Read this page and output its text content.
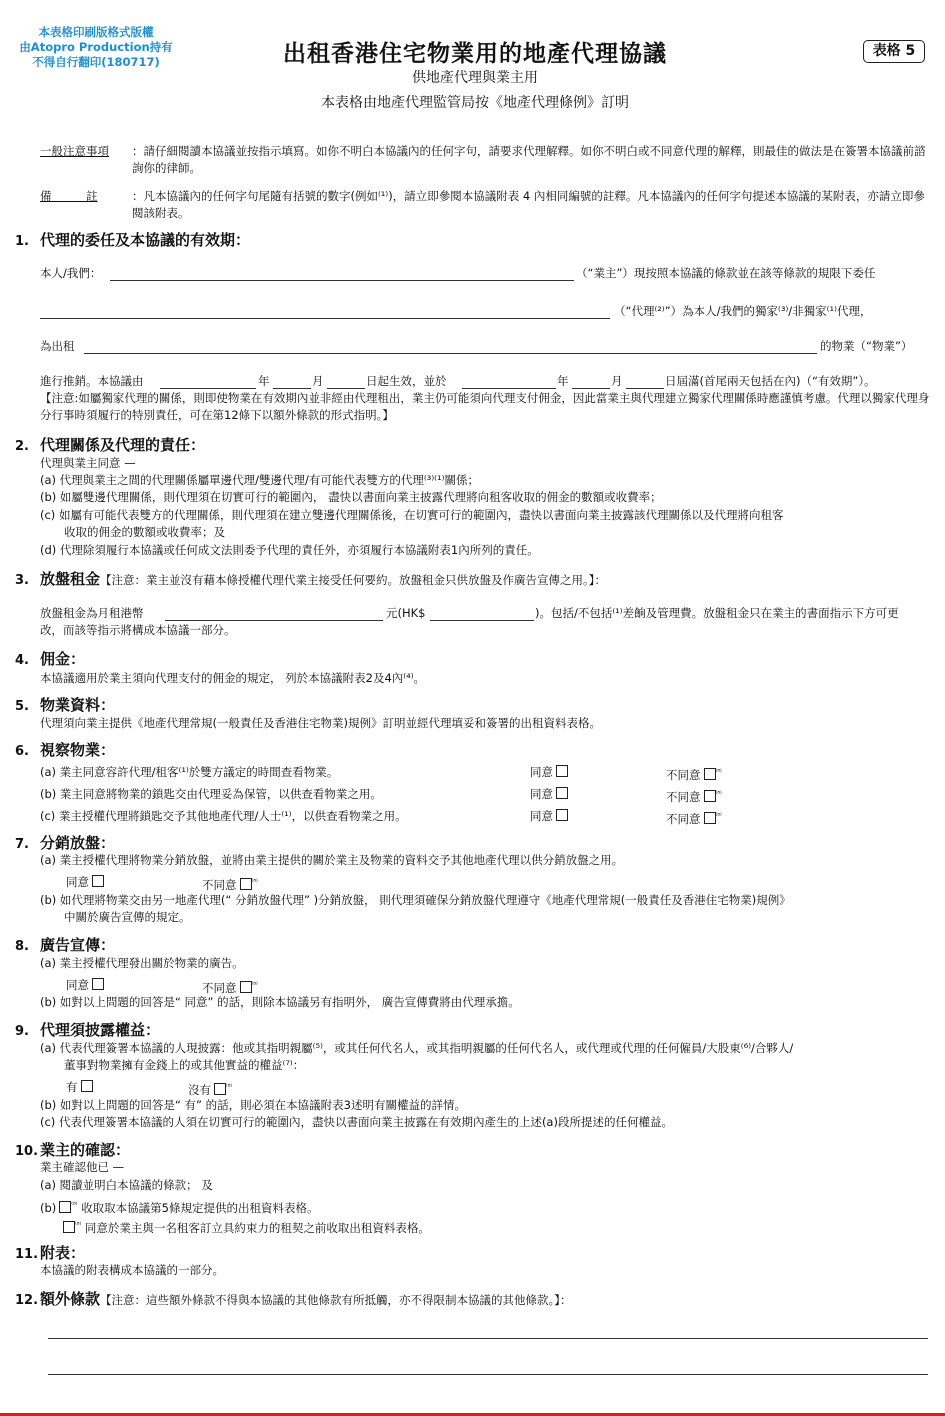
本表格印刷版格式版權
由Atopro Production持有
不得自行翻印(180717)	出租香港住宅物業用的地產代理協議
供地產代理與業主用
本表格由地產代理監管局按《地產代理條例》訂明
表格 5
一般注意事項	：請仔細閱讀本協議並按指示填寫。如你不明白本協議內的任何字句，請要求代理解釋。如你不明白或不同意代理的解釋，則最佳的做法是在簽署本協議前諮詢你的律師。
備　　　註	：凡本協議內的任何字句尾隨有括號的數字(例如⁽¹⁾)，請立即參閱本協議附表 4 內相同編號的註釋。凡本協議內的任何字句提述本協議的某附表，亦請立即參閱該附表。
1. 代理的委任及本協議的有效期：
本人/我們：	（“業主”）現按照本協議的條款並在該等條款的規限下委任
（“代理⁽²⁾”）為本人/我們的獨家⁽³⁾/非獨家⁽¹⁾代理，
為出租	的物業（“物業”）
進行推銷。本協議由	年	月	日起生效，並於	年	月	日屆滿(首尾兩天包括在內)（“有效期”）。
【注意:如屬獨家代理的關係，則即使物業在有效期內並非經由代理租出，業主仍可能須向代理支付佣金，因此當業主與代理建立獨家代理關係時應謹慎考慮。代理以獨家代理身分行事時須履行的特別責任，可在第12條下以額外條款的形式指明。】
2. 代理關係及代理的責任：
代理與業主同意 —
(a) 代理與業主之間的代理關係屬單邊代理/雙邊代理/有可能代表雙方的代理⁽³⁾⁽¹⁾關係；
(b) 如屬雙邊代理關係，則代理須在切實可行的範圍內， 盡快以書面向業主披露代理將向租客收取的佣金的數額或收費率；
(c) 如屬有可能代表雙方的代理關係，則代理須在建立雙邊代理關係後，在切實可行的範圍內，盡快以書面向業主披露該代理關係以及代理將向租客
收取的佣金的數額或收費率；及
(d) 代理除須履行本協議或任何成文法則委予代理的責任外，亦須履行本協議附表1內所列的責任。
3. 放盤租金【注意：業主並沒有藉本條授權代理代業主接受任何要約。放盤租金只供放盤及作廣告宣傳之用。】：
放盤租金為月租港幣	元(HK$	)。包括/不包括⁽¹⁾差餉及管理費。放盤租金只在業主的書面指示下方可更
改，而該等指示將構成本協議一部分。
4. 佣金：
本協議適用於業主須向代理支付的佣金的規定， 列於本協議附表2及4內⁽⁴⁾。
5. 物業資料：
代理須向業主提供《地產代理常規(一般責任及香港住宅物業)規例》訂明並經代理填妥和簽署的出租資料表格。
6. 視察物業：
(a) 業主同意容許代理/租客⁽¹⁾於雙方議定的時間查看物業。	同意	不同意 $^{^{(8)}}$
(b) 業主同意將物業的鎖匙交由代理妥為保管，以供查看物業之用。	同意	不同意 $^{^{(8)}}$
(c) 業主授權代理將鎖匙交予其他地產代理/人士⁽¹⁾，以供查看物業之用。	同意	不同意 $^{^{(8)}}$
7. 分銷放盤：
(a) 業主授權代理將物業分銷放盤，並將由業主提供的關於業主及物業的資料交予其他地產代理以供分銷放盤之用。
同意	不同意 $^{^{(8)}}$
(b) 如代理將物業交由另一地產代理(“ 分銷放盤代理” )分銷放盤， 則代理須確保分銷放盤代理遵守《地產代理常規(一般責任及香港住宅物業)規例》
中關於廣告宣傳的規定。
8. 廣告宣傳：
(a) 業主授權代理發出關於物業的廣告。
同意	不同意 $^{^{(8)}}$
(b) 如對以上問題的回答是“ 同意” 的話，則除本協議另有指明外， 廣告宣傳費將由代理承擔。
9. 代理須披露權益：
(a) 代表代理簽署本協議的人現披露：他或其指明親屬⁽⁵⁾，或其任何代名人，或其指明親屬的任何代名人，或代理或代理的任何僱員/大股東⁽⁶⁾/合夥人/
董事對物業擁有金錢上的或其他實益的權益⁽⁷⁾：
有	沒有 $^{^{(8)}}$
(b) 如對以上問題的回答是“ 有” 的話，則必須在本協議附表3述明有關權益的詳情。
(c) 代表代理簽署本協議的人須在切實可行的範圍內，盡快以書面向業主披露在有效期內產生的上述(a)段所提述的任何權益。
10. 業主的確認：
業主確認他已 —
(a) 閱讀並明白本協議的條款； 及
(b) $^{^{(8)}}$ 收取取本協議第5條規定提供的出租資料表格。
$^{^{(8)}}$ 同意於業主與一名租客訂立具約束力的租契之前收取出租資料表格。
11. 附表：
本協議的附表構成本協議的一部分。
12. 額外條款【注意：這些額外條款不得與本協議的其他條款有所抵觸，亦不得限制本協議的其他條款。】：
